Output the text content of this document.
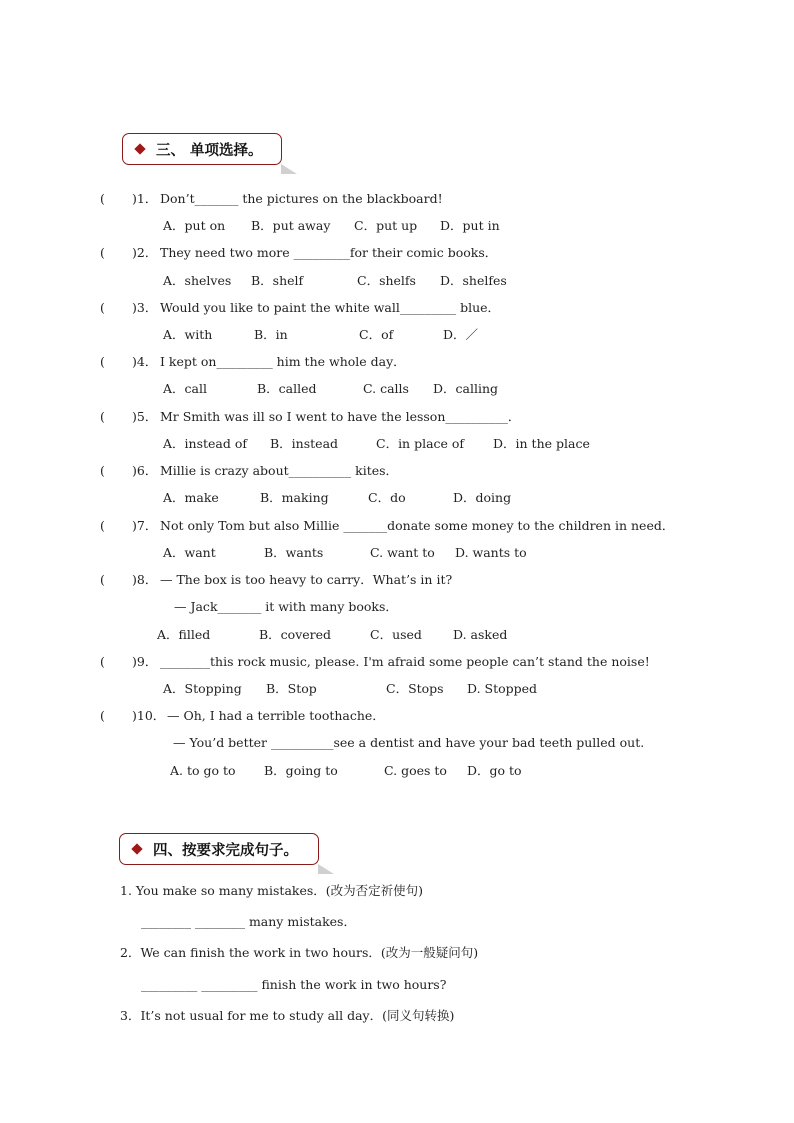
三、 单项选择。
( )1． Don’t_______ the pictures on the blackboard!
A．put on B．put away C．put up D．put in
( )2． They need two more _________for their comic books．
A．shelves B．shelf	C．shelfs D．shelfes
( )3． Would you like to paint the white wall_________ blue．
A．with	B．in	C．of	D．／
( )4． I kept on_________ him the whole day．
A．call	B．called	C. calls D．calling
( )5． Mr Smith was ill so I went to have the lesson__________．
A．instead of B．instead	C．in place of D．in the place
( )6． Millie is crazy about__________ kites．
A．make	B．making	C．do	D．doing
( )7． Not only Tom but also Millie _______donate some money to the children in need．
A．want	B．wants	C. want to D. wants to
( )8． — The box is too heavy to carry．What’s in it?
— Jack_______ it with many books．
A．filled	B．covered	C．used D. asked
( )9． ________this rock music, please. I'm afraid some people can’t stand the noise!
A．Stopping B．Stop	C．Stops D. Stopped
( )10． — Oh, I had a terrible toothache．
— You’d better __________see a dentist and have your bad teeth pulled out.
A. to go to B．going to	C. goes to D．go to
四、按要求完成句子。
1. You make so many mistakes．(改为否定祈使句)
________ ________ many mistakes．
2．We can finish the work in two hours．(改为一般疑问句)
_________ _________ finish the work in two hours?
3．It’s not usual for me to study all day．(同义句转换)
